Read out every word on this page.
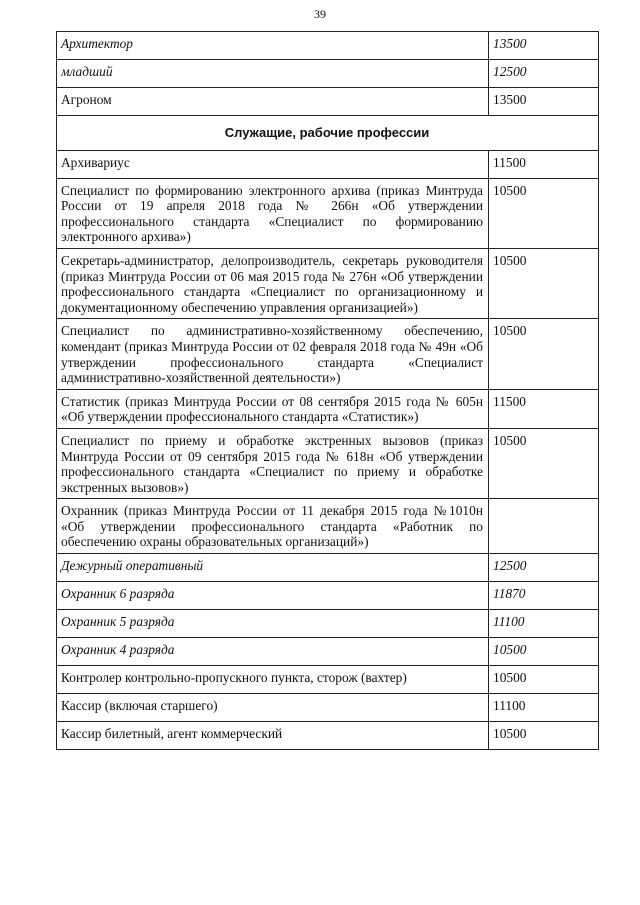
39
Архитектор	13500
младший	12500
Агроном	13500
Служащие, рабочие профессии	
Архивариус	11500
Специалист по формированию электронного архива (приказ Минтруда России от 19 апреля 2018 года № 266н «Об утверждении профессионального стандарта «Специалист по формированию электронного архива»)	10500
Секретарь-администратор, делопроизводитель, секретарь руководителя (приказ Минтруда России от 06 мая 2015 года № 276н «Об утверждении профессионального стандарта «Специалист по организационному и документационному обеспечению управления организацией»)	10500
Специалист по административно-хозяйственному обеспечению, комендант (приказ Минтруда России от 02 февраля 2018 года № 49н «Об утверждении профессионального стандарта «Специалист административно-хозяйственной деятельности»)	10500
Статистик (приказ Минтруда России от 08 сентября 2015 года № 605н «Об утверждении профессионального стандарта «Статистик»)	11500
Специалист по приему и обработке экстренных вызовов (приказ Минтруда России от 09 сентября 2015 года № 618н «Об утверждении профессионального стандарта «Специалист по приему и обработке экстренных вызовов»)	10500
Охранник (приказ Минтруда России от 11 декабря 2015 года №1010н «Об утверждении профессионального стандарта «Работник по обеспечению охраны образовательных организаций»)	
Дежурный оперативный	12500
Охранник 6 разряда	11870
Охранник 5 разряда	11100
Охранник 4 разряда	10500
Контролер контрольно-пропускного пункта, сторож (вахтер)	10500
Кассир (включая старшего)	11100
Кассир билетный, агент коммерческий	10500
